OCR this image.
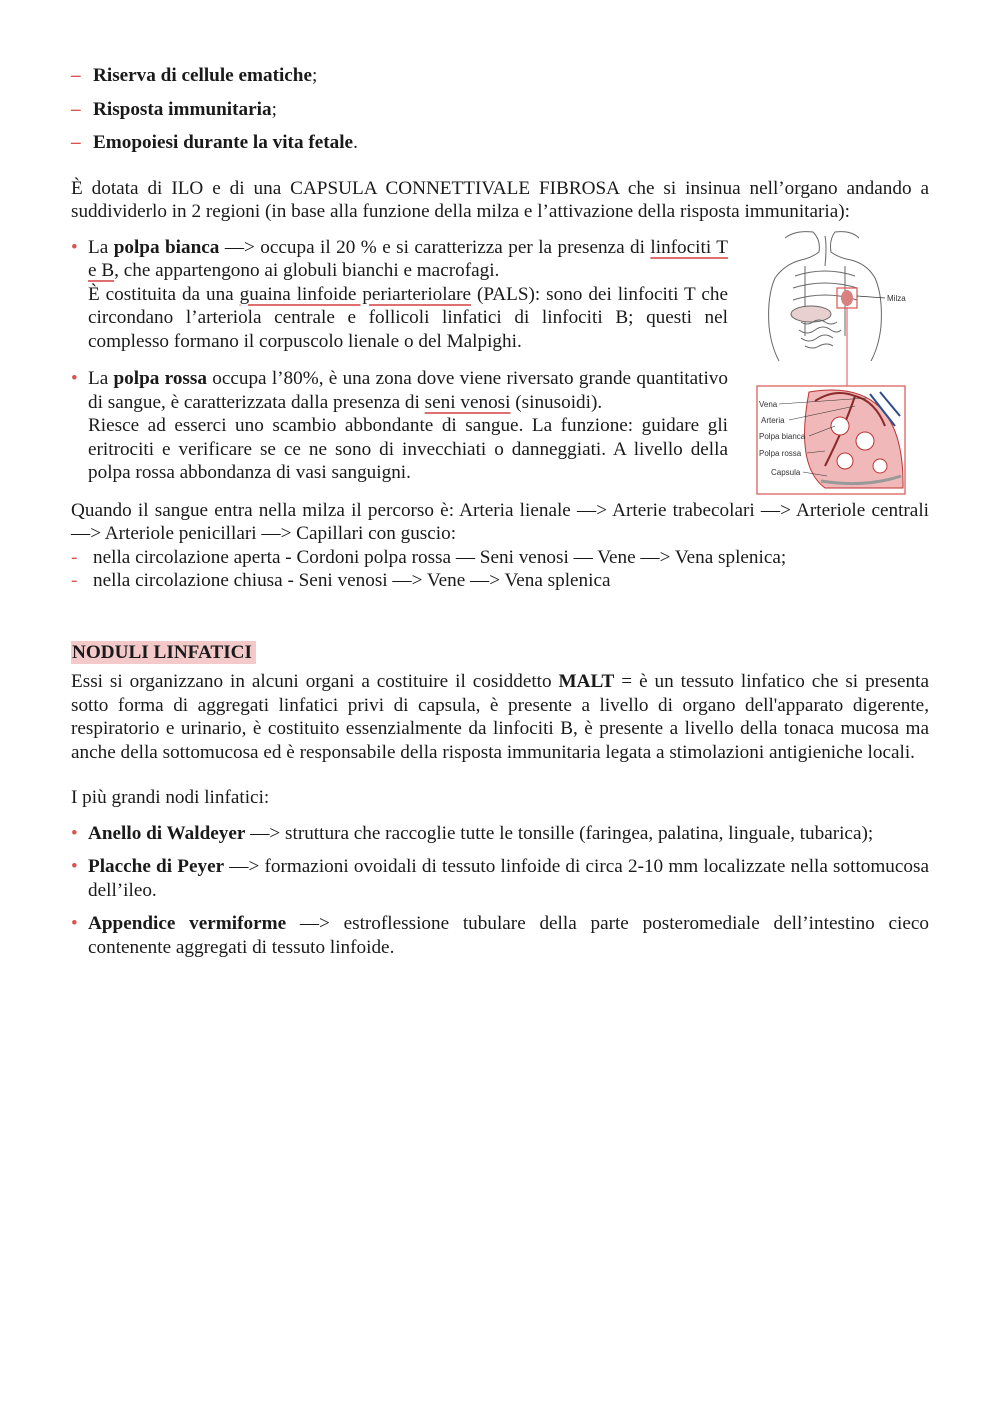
– Riserva di cellule ematiche;
– Risposta immunitaria;
– Emopoiesi durante la vita fetale.

È dotata di ILO e di una CAPSULA CONNETTIVALE FIBROSA che si insinua nell’organo andando a suddividerlo in 2 regioni (in base alla funzione della milza e l’attivazione della risposta immunitaria):

• La polpa bianca —> occupa il 20 % e si caratterizza per la presenza di linfociti T e B, che appartengono ai globuli bianchi e macrofagi.
È costituita da una guaina linfoide periarteriolare (PALS): sono dei linfociti T che circondano l’arteriola centrale e follicoli linfatici di linfociti B; questi nel complesso formano il corpuscolo lienale o del Malpighi.
• La polpa rossa occupa l’80%, è una zona dove viene riversato grande quantitativo di sangue, è caratterizzata dalla presenza di seni venosi (sinusoidi).
Riesce ad esserci uno scambio abbondante di sangue. La funzione: guidare gli eritrociti e verificare se ce ne sono di invecchiati o danneggiati. A livello della polpa rossa abbondanza di vasi sanguigni.
Milza
Vena
Arteria
Polpa bianca
Polpa rossa
Capsula

Quando il sangue entra nella milza il percorso è: Arteria lienale —> Arterie trabecolari —> Arteriole centrali —> Arteriole penicillari —> Capillari con guscio:

- nella circolazione aperta - Cordoni polpa rossa — Seni venosi — Vene —> Vena splenica;
- nella circolazione chiusa - Seni venosi —> Vene —> Vena splenica
NODULI LINFATICI

Essi si organizzano in alcuni organi a costituire il cosiddetto MALT = è un tessuto linfatico che si presenta sotto forma di aggregati linfatici privi di capsula, è presente a livello di organo dell'apparato digerente, respiratorio e urinario, è costituito essenzialmente da linfociti B, è presente a livello della tonaca mucosa ma anche della sottomucosa ed è responsabile della risposta immunitaria legata a stimolazioni antigieniche locali.

I più grandi nodi linfatici:

• Anello di Waldeyer —> struttura che raccoglie tutte le tonsille (faringea, palatina, linguale, tubarica);
• Placche di Peyer —> formazioni ovoidali di tessuto linfoide di circa 2-10 mm localizzate nella sottomucosa dell’ileo.
• Appendice vermiforme —> estroflessione tubulare della parte posteromediale dell’intestino cieco contenente aggregati di tessuto linfoide.
